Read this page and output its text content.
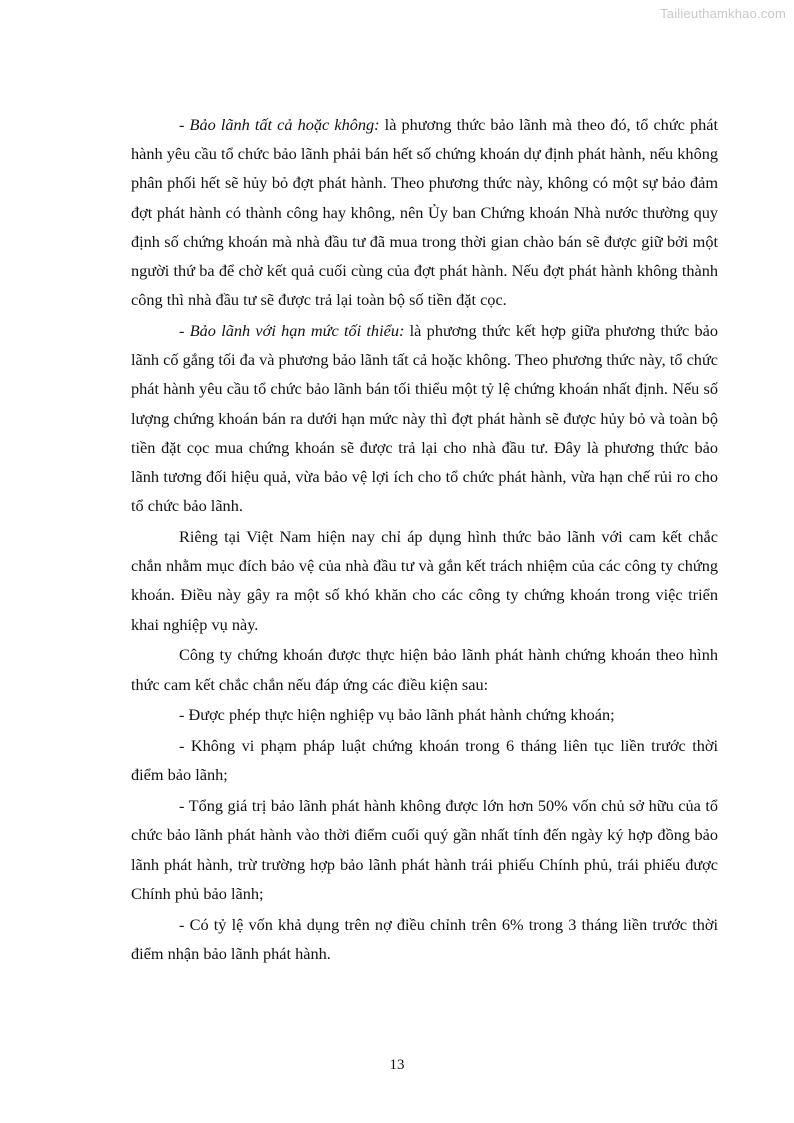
Tailieuthamkhao.com

- Bảo lãnh tất cả hoặc không: là phương thức bảo lãnh mà theo đó, tổ chức phát hành yêu cầu tổ chức bảo lãnh phải bán hết số chứng khoán dự định phát hành, nếu không phân phối hết sẽ hủy bỏ đợt phát hành. Theo phương thức này, không có một sự bảo đảm đợt phát hành có thành công hay không, nên Ủy ban Chứng khoán Nhà nước thường quy định số chứng khoán mà nhà đầu tư đã mua trong thời gian chào bán sẽ được giữ bởi một người thứ ba để chờ kết quả cuối cùng của đợt phát hành. Nếu đợt phát hành không thành công thì nhà đầu tư sẽ được trả lại toàn bộ số tiền đặt cọc.

- Bảo lãnh với hạn mức tối thiểu: là phương thức kết hợp giữa phương thức bảo lãnh cố gắng tối đa và phương bảo lãnh tất cả hoặc không. Theo phương thức này, tổ chức phát hành yêu cầu tổ chức bảo lãnh bán tối thiểu một tỷ lệ chứng khoán nhất định. Nếu số lượng chứng khoán bán ra dưới hạn mức này thì đợt phát hành sẽ được hủy bỏ và toàn bộ tiền đặt cọc mua chứng khoán sẽ được trả lại cho nhà đầu tư. Đây là phương thức bảo lãnh tương đối hiệu quả, vừa bảo vệ lợi ích cho tổ chức phát hành, vừa hạn chế rủi ro cho tổ chức bảo lãnh.

Riêng tại Việt Nam hiện nay chỉ áp dụng hình thức bảo lãnh với cam kết chắc chắn nhằm mục đích bảo vệ của nhà đầu tư và gắn kết trách nhiệm của các công ty chứng khoán. Điều này gây ra một số khó khăn cho các công ty chứng khoán trong việc triển khai nghiệp vụ này.

Công ty chứng khoán được thực hiện bảo lãnh phát hành chứng khoán theo hình thức cam kết chắc chắn nếu đáp ứng các điều kiện sau:

- Được phép thực hiện nghiệp vụ bảo lãnh phát hành chứng khoán;

- Không vi phạm pháp luật chứng khoán trong 6 tháng liên tục liền trước thời điểm bảo lãnh;

- Tổng giá trị bảo lãnh phát hành không được lớn hơn 50% vốn chủ sở hữu của tổ chức bảo lãnh phát hành vào thời điểm cuối quý gần nhất tính đến ngày ký hợp đồng bảo lãnh phát hành, trừ trường hợp bảo lãnh phát hành trái phiếu Chính phủ, trái phiếu được Chính phủ bảo lãnh;

- Có tỷ lệ vốn khả dụng trên nợ điều chỉnh trên 6% trong 3 tháng liền trước thời điểm nhận bảo lãnh phát hành.

13
